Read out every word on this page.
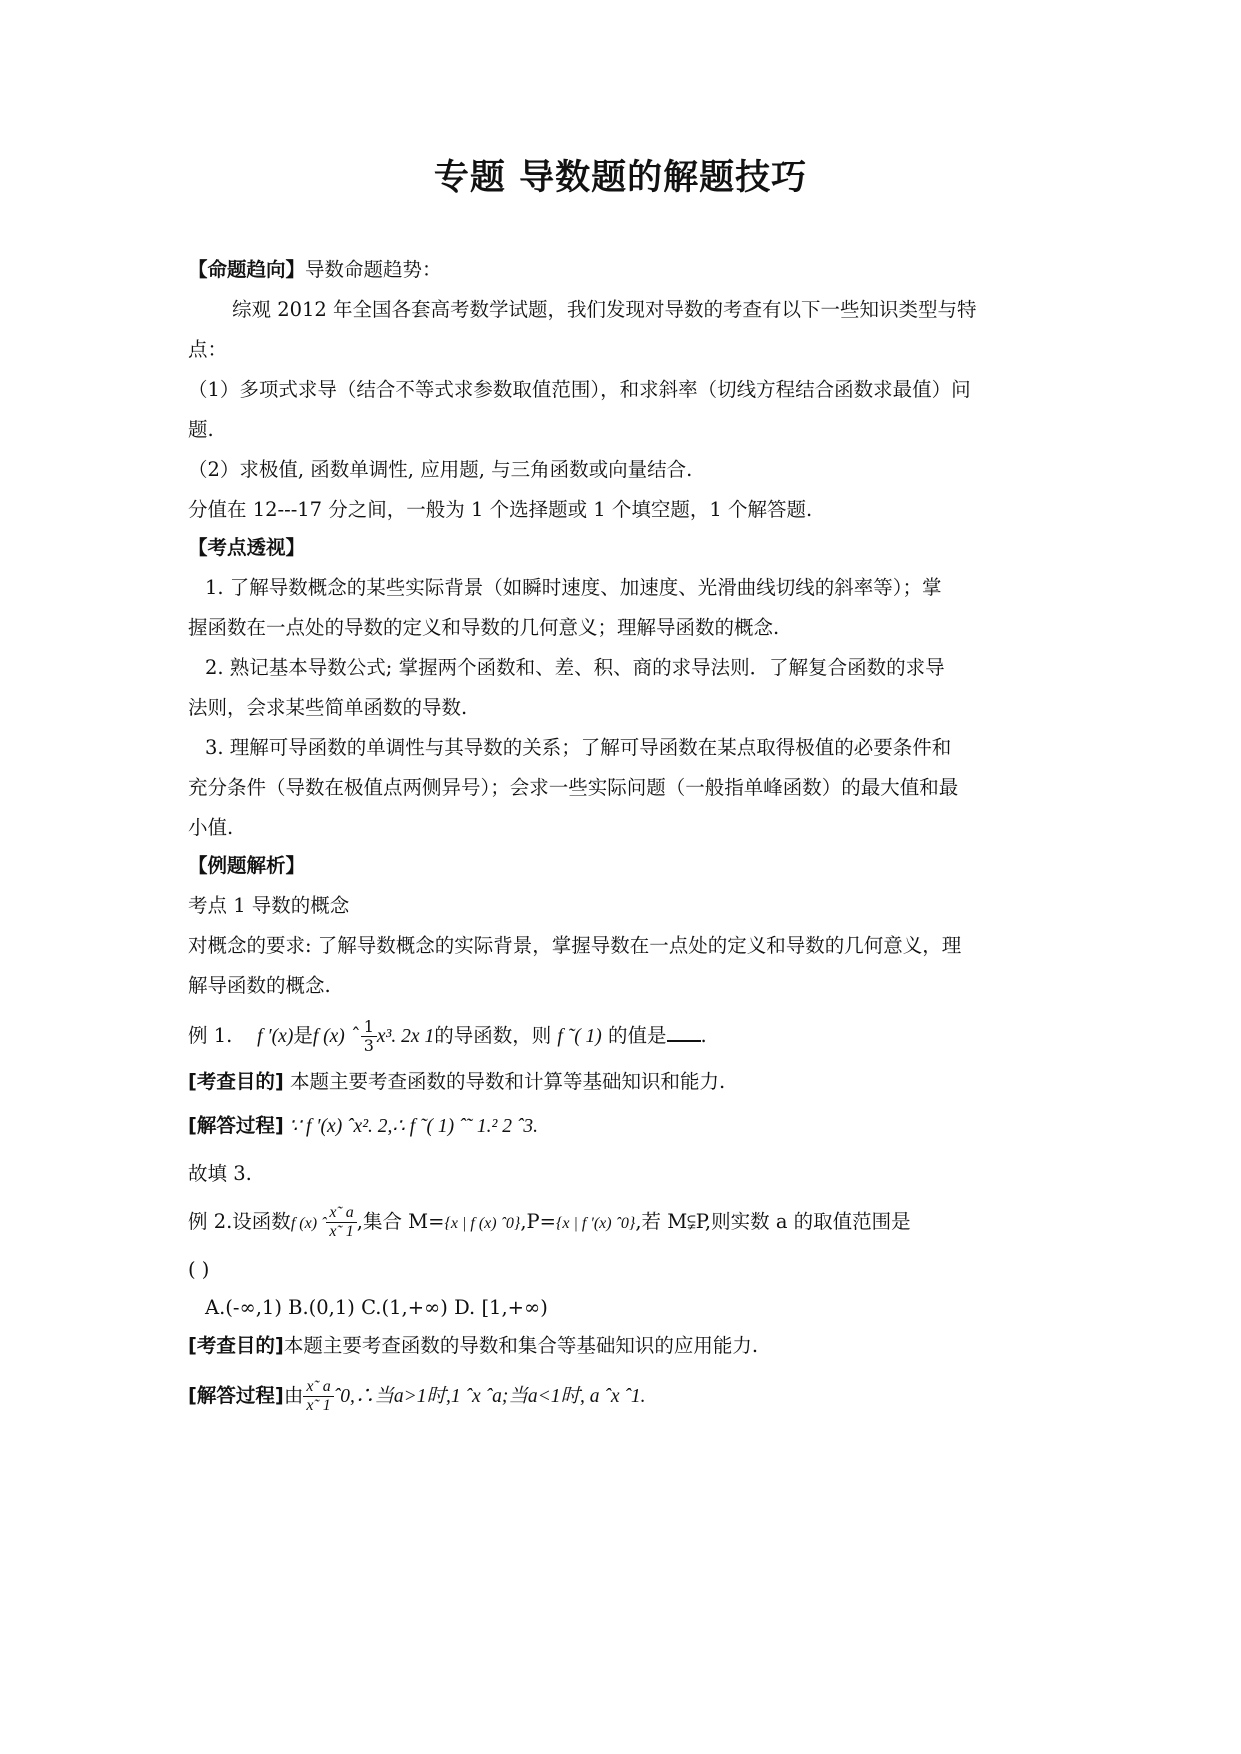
专题 导数题的解题技巧
【命题趋向】导数命题趋势：
综观 2012 年全国各套高考数学试题，我们发现对导数的考查有以下一些知识类型与特
点：
（1）多项式求导（结合不等式求参数取值范围），和求斜率（切线方程结合函数求最值）问
题.
（2）求极值, 函数单调性, 应用题, 与三角函数或向量结合.
分值在 12---17 分之间，一般为 1 个选择题或 1 个填空题，1 个解答题.
【考点透视】
1. 了解导数概念的某些实际背景（如瞬时速度、加速度、光滑曲线切线的斜率等）；掌
握函数在一点处的导数的定义和导数的几何意义；理解导函数的概念.
2. 熟记基本导数公式; 掌握两个函数和、差、积、商的求导法则．了解复合函数的求导
法则，会求某些简单函数的导数.
3. 理解可导函数的单调性与其导数的关系；了解可导函数在某点取得极值的必要条件和
充分条件（导数在极值点两侧异号）；会求一些实际问题（一般指单峰函数）的最大值和最
小值.
【例题解析】
考点 1 导数的概念
对概念的要求: 了解导数概念的实际背景，掌握导数在一点处的定义和导数的几何意义，理
解导函数的概念.
例 1. f ′(x)是f (x) ˆ $\frac{1}{3} x^3$. 2x 1的导函数，则 f ˜( 1) 的值是 .
[考查目的] 本题主要考查函数的导数和计算等基础知识和能力.
[解答过程] ∵ f ′(x) ˆx². 2,∴ f ˜( 1) ˆ˜ 1.² 2 ˆ3.
故填 3.
例 2.设函数f (x) ˆ $\frac{x˜ a}{x˜ 1}$ ,集合 M={x | f (x) ˆ0},P={x | f ′(x) ˆ0},若 M⫋P,则实数 a 的取值范围是
( )
A.(-∞,1) B.(0,1) C.(1,+∞) D. [1,+∞)
[考查目的]本题主要考查函数的导数和集合等基础知识的应用能力.
[解答过程]由 $\frac{x˜ a}{x˜ 1}$ ˆ0,∴当a>1时,1 ˆx ˆa;当a<1时, a ˆx ˆ1.
